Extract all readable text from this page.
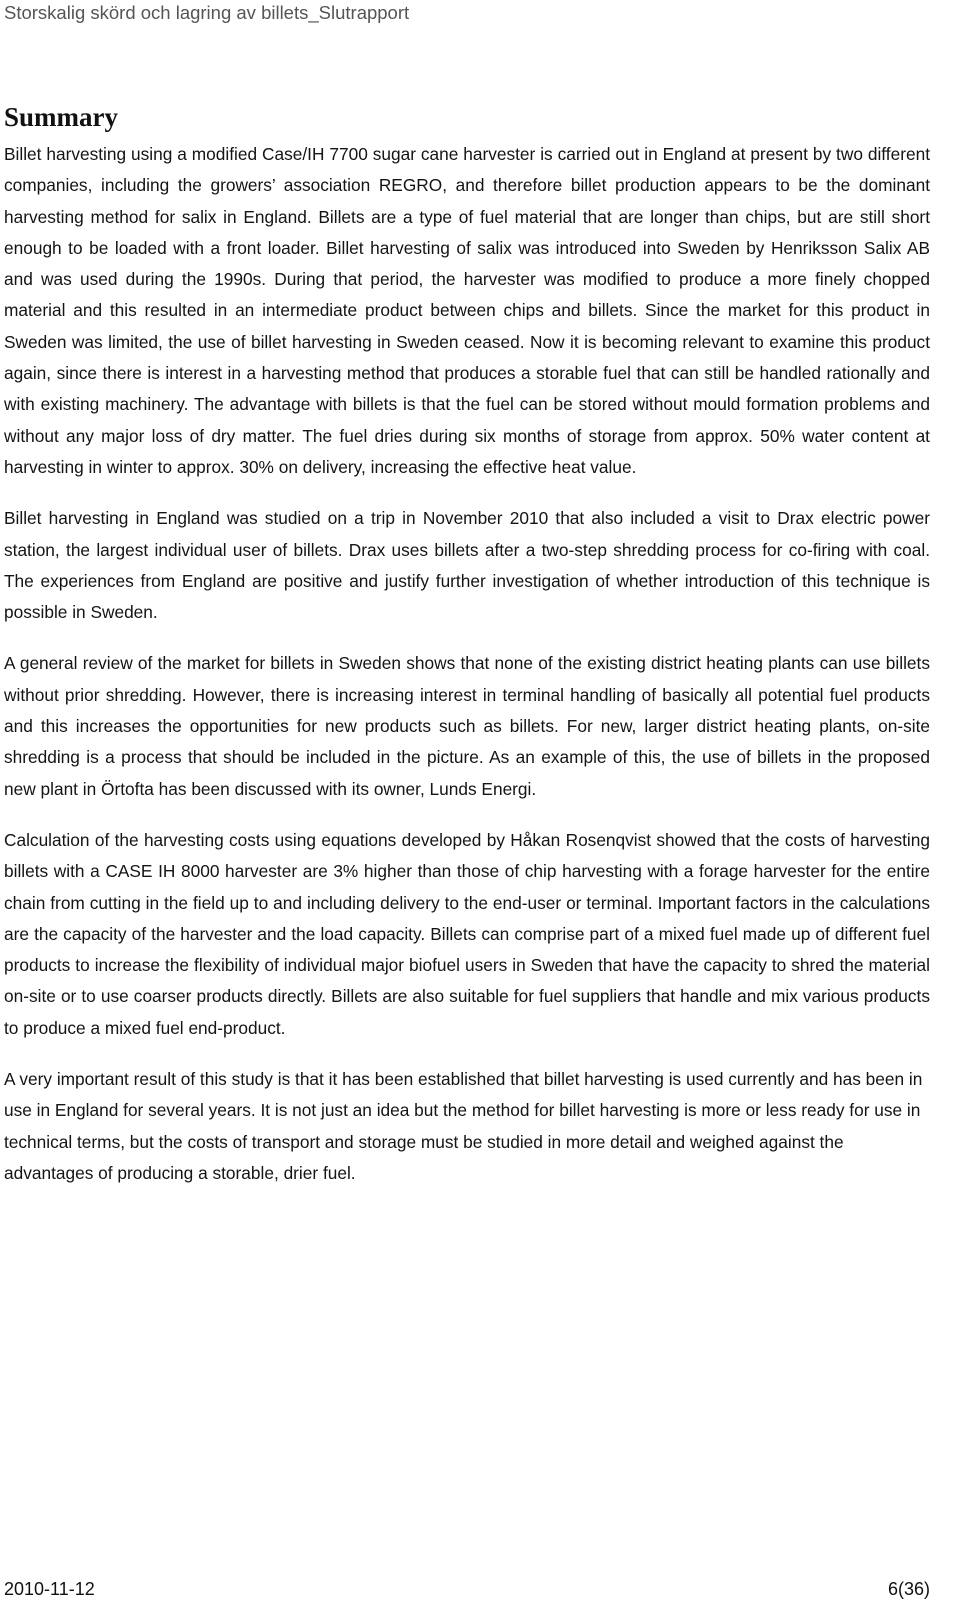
Storskalig skörd och lagring av billets_Slutrapport
Summary

Billet harvesting using a modified Case/IH 7700 sugar cane harvester is carried out in England at present by two different companies, including the growers’ association REGRO, and therefore billet production appears to be the dominant harvesting method for salix in England. Billets are a type of fuel material that are longer than chips, but are still short enough to be loaded with a front loader. Billet harvesting of salix was introduced into Sweden by Henriksson Salix AB and was used during the 1990s. During that period, the harvester was modified to produce a more finely chopped material and this resulted in an intermediate product between chips and billets. Since the market for this product in Sweden was limited, the use of billet harvesting in Sweden ceased. Now it is becoming relevant to examine this product again, since there is interest in a harvesting method that produces a storable fuel that can still be handled rationally and with existing machinery. The advantage with billets is that the fuel can be stored without mould formation problems and without any major loss of dry matter. The fuel dries during six months of storage from approx. 50% water content at harvesting in winter to approx. 30% on delivery, increasing the effective heat value.

Billet harvesting in England was studied on a trip in November 2010 that also included a visit to Drax electric power station, the largest individual user of billets. Drax uses billets after a two-step shredding process for co-firing with coal. The experiences from England are positive and justify further investigation of whether introduction of this technique is possible in Sweden.

A general review of the market for billets in Sweden shows that none of the existing district heating plants can use billets without prior shredding. However, there is increasing interest in terminal handling of basically all potential fuel products and this increases the opportunities for new products such as billets. For new, larger district heating plants, on-site shredding is a process that should be included in the picture. As an example of this, the use of billets in the proposed new plant in Örtofta has been discussed with its owner, Lunds Energi.

Calculation of the harvesting costs using equations developed by Håkan Rosenqvist showed that the costs of harvesting billets with a CASE IH 8000 harvester are 3% higher than those of chip harvesting with a forage harvester for the entire chain from cutting in the field up to and including delivery to the end-user or terminal. Important factors in the calculations are the capacity of the harvester and the load capacity. Billets can comprise part of a mixed fuel made up of different fuel products to increase the flexibility of individual major biofuel users in Sweden that have the capacity to shred the material on-site or to use coarser products directly. Billets are also suitable for fuel suppliers that handle and mix various products to produce a mixed fuel end-product.

A very important result of this study is that it has been established that billet harvesting is used currently and has been in use in England for several years. It is not just an idea but the method for billet harvesting is more or less ready for use in technical terms, but the costs of transport and storage must be studied in more detail and weighed against the advantages of producing a storable, drier fuel.

2010-11-12	6(36)
